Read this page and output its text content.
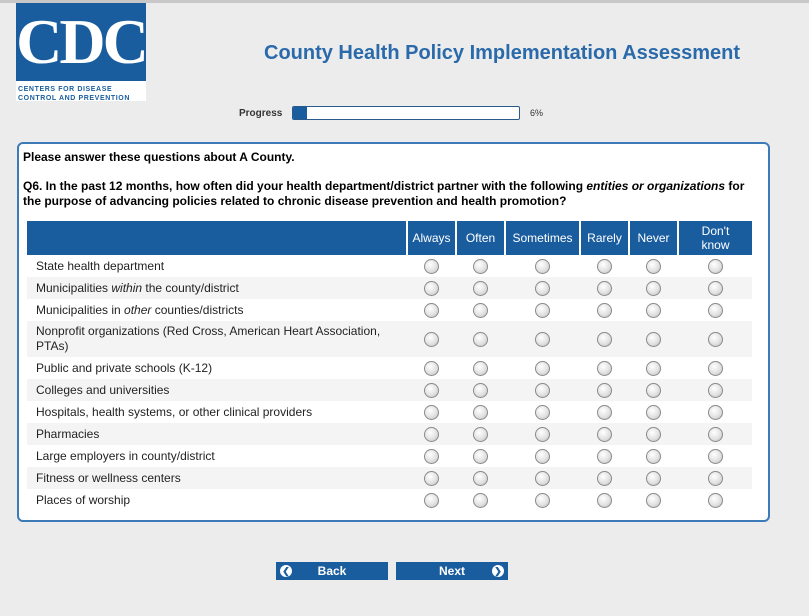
CDC
CENTERS FOR DISEASE
CONTROL AND PREVENTION
County Health Policy Implementation Assessment
Progress	6%
Please answer these questions about A County.
Q6. In the past 12 months, how often did your health department/district partner with the following entities or organizations for the purpose of advancing policies related to chronic disease prevention and health promotion?
	Always	Often	Sometimes	Rarely	Never	Don't know
State health department						
Municipalities within the county/district						
Municipalities in other counties/districts						
Nonprofit organizations (Red Cross, American Heart Association, PTAs)						
Public and private schools (K-12)						
Colleges and universities						
Hospitals, health systems, or other clinical providers						
Pharmacies						
Large employers in county/district						
Fitness or wellness centers						
Places of worship						
❮	Back	Next	❯
